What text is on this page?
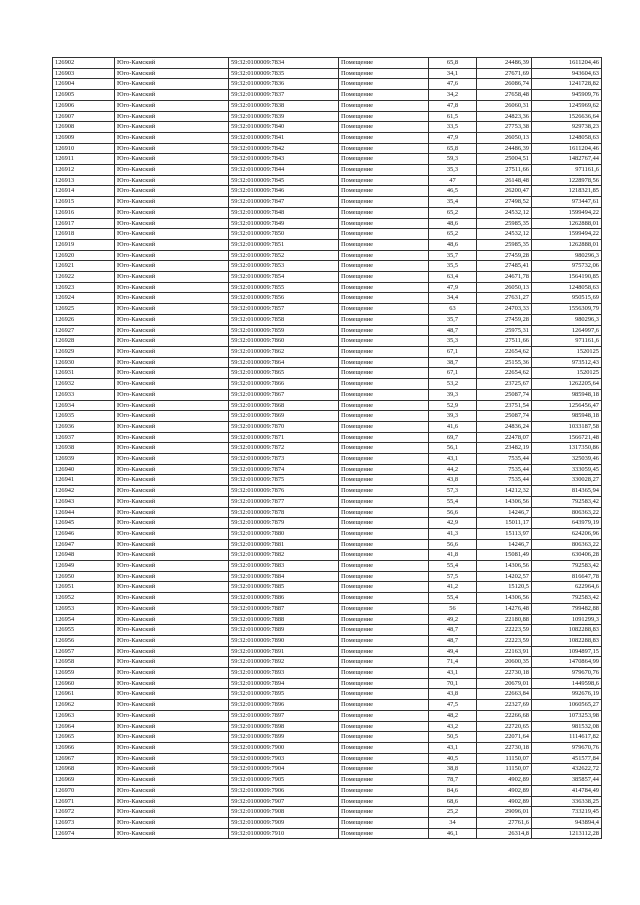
126902	Юго-Камский	59:32:0100009:7834	Помещение	65,8	24486,39	1611204,46
126903	Юго-Камский	59:32:0100009:7835	Помещение	34,1	27671,69	943604,63
126904	Юго-Камский	59:32:0100009:7836	Помещение	47,6	26086,74	1241728,82
126905	Юго-Камский	59:32:0100009:7837	Помещение	34,2	27658,48	945909,76
126906	Юго-Камский	59:32:0100009:7838	Помещение	47,8	26060,31	1245969,62
126907	Юго-Камский	59:32:0100009:7839	Помещение	61,5	24823,36	1526636,64
126908	Юго-Камский	59:32:0100009:7840	Помещение	33,5	27753,38	929738,23
126909	Юго-Камский	59:32:0100009:7841	Помещение	47,9	26050,13	1248058,63
126910	Юго-Камский	59:32:0100009:7842	Помещение	65,8	24486,39	1611204,46
126911	Юго-Камский	59:32:0100009:7843	Помещение	59,3	25004,51	1482767,44
126912	Юго-Камский	59:32:0100009:7844	Помещение	35,3	27511,66	971161,6
126913	Юго-Камский	59:32:0100009:7845	Помещение	47	26148,48	1228978,56
126914	Юго-Камский	59:32:0100009:7846	Помещение	46,5	26200,47	1218321,85
126915	Юго-Камский	59:32:0100009:7847	Помещение	35,4	27498,52	973447,61
126916	Юго-Камский	59:32:0100009:7848	Помещение	65,2	24532,12	1599494,22
126917	Юго-Камский	59:32:0100009:7849	Помещение	48,6	25985,35	1262888,01
126918	Юго-Камский	59:32:0100009:7850	Помещение	65,2	24532,12	1599494,22
126919	Юго-Камский	59:32:0100009:7851	Помещение	48,6	25985,35	1262888,01
126920	Юго-Камский	59:32:0100009:7852	Помещение	35,7	27459,28	980296,3
126921	Юго-Камский	59:32:0100009:7853	Помещение	35,5	27485,41	975732,06
126922	Юго-Камский	59:32:0100009:7854	Помещение	63,4	24671,78	1564190,85
126923	Юго-Камский	59:32:0100009:7855	Помещение	47,9	26050,13	1248058,63
126924	Юго-Камский	59:32:0100009:7856	Помещение	34,4	27631,27	950515,69
126925	Юго-Камский	59:32:0100009:7857	Помещение	63	24703,33	1556309,79
126926	Юго-Камский	59:32:0100009:7858	Помещение	35,7	27459,28	980296,3
126927	Юго-Камский	59:32:0100009:7859	Помещение	48,7	25975,31	1264997,6
126928	Юго-Камский	59:32:0100009:7860	Помещение	35,3	27511,66	971161,6
126929	Юго-Камский	59:32:0100009:7862	Помещение	67,1	22654,62	1520125
126930	Юго-Камский	59:32:0100009:7864	Помещение	38,7	25155,36	973512,43
126931	Юго-Камский	59:32:0100009:7865	Помещение	67,1	22654,62	1520125
126932	Юго-Камский	59:32:0100009:7866	Помещение	53,2	23725,67	1262205,64
126933	Юго-Камский	59:32:0100009:7867	Помещение	39,3	25087,74	985948,18
126934	Юго-Камский	59:32:0100009:7868	Помещение	52,9	23751,54	1256456,47
126935	Юго-Камский	59:32:0100009:7869	Помещение	39,3	25087,74	985948,18
126936	Юго-Камский	59:32:0100009:7870	Помещение	41,6	24836,24	1033187,58
126937	Юго-Камский	59:32:0100009:7871	Помещение	69,7	22478,07	1566721,48
126938	Юго-Камский	59:32:0100009:7872	Помещение	56,1	23482,19	1317350,86
126939	Юго-Камский	59:32:0100009:7873	Помещение	43,1	7535,44	325039,46
126940	Юго-Камский	59:32:0100009:7874	Помещение	44,2	7535,44	333059,45
126941	Юго-Камский	59:32:0100009:7875	Помещение	43,8	7535,44	330028,27
126942	Юго-Камский	59:32:0100009:7876	Помещение	57,3	14212,32	814365,94
126943	Юго-Камский	59:32:0100009:7877	Помещение	55,4	14306,56	792583,42
126944	Юго-Камский	59:32:0100009:7878	Помещение	56,6	14246,7	806363,22
126945	Юго-Камский	59:32:0100009:7879	Помещение	42,9	15011,17	643979,19
126946	Юго-Камский	59:32:0100009:7880	Помещение	41,3	15113,97	624206,96
126947	Юго-Камский	59:32:0100009:7881	Помещение	56,6	14246,7	806363,22
126948	Юго-Камский	59:32:0100009:7882	Помещение	41,8	15081,49	630406,28
126949	Юго-Камский	59:32:0100009:7883	Помещение	55,4	14306,56	792583,42
126950	Юго-Камский	59:32:0100009:7884	Помещение	57,5	14202,57	816647,78
126951	Юго-Камский	59:32:0100009:7885	Помещение	41,2	15120,5	622964,6
126952	Юго-Камский	59:32:0100009:7886	Помещение	55,4	14306,56	792583,42
126953	Юго-Камский	59:32:0100009:7887	Помещение	56	14276,48	799482,88
126954	Юго-Камский	59:32:0100009:7888	Помещение	49,2	22180,88	1091299,3
126955	Юго-Камский	59:32:0100009:7889	Помещение	48,7	22223,59	1082288,83
126956	Юго-Камский	59:32:0100009:7890	Помещение	48,7	22223,59	1082288,83
126957	Юго-Камский	59:32:0100009:7891	Помещение	49,4	22163,91	1094897,15
126958	Юго-Камский	59:32:0100009:7892	Помещение	71,4	20600,35	1470864,99
126959	Юго-Камский	59:32:0100009:7893	Помещение	43,1	22730,18	979670,76
126960	Юго-Камский	59:32:0100009:7894	Помещение	70,1	20679,01	1449598,6
126961	Юго-Камский	59:32:0100009:7895	Помещение	43,8	22663,84	992676,19
126962	Юго-Камский	59:32:0100009:7896	Помещение	47,5	22327,69	1060565,27
126963	Юго-Камский	59:32:0100009:7897	Помещение	48,2	22266,68	1073253,98
126964	Юго-Камский	59:32:0100009:7898	Помещение	43,2	22720,65	981532,08
126965	Юго-Камский	59:32:0100009:7899	Помещение	50,5	22071,64	1114617,82
126966	Юго-Камский	59:32:0100009:7900	Помещение	43,1	22730,18	979670,76
126967	Юго-Камский	59:32:0100009:7903	Помещение	40,5	11150,07	451577,84
126968	Юго-Камский	59:32:0100009:7904	Помещение	38,8	11150,07	432622,72
126969	Юго-Камский	59:32:0100009:7905	Помещение	78,7	4902,89	385857,44
126970	Юго-Камский	59:32:0100009:7906	Помещение	84,6	4902,89	414784,49
126971	Юго-Камский	59:32:0100009:7907	Помещение	68,6	4902,89	336338,25
126972	Юго-Камский	59:32:0100009:7908	Помещение	25,2	29096,01	733219,45
126973	Юго-Камский	59:32:0100009:7909	Помещение	34	27761,6	943894,4
126974	Юго-Камский	59:32:0100009:7910	Помещение	46,1	26314,8	1213112,28
